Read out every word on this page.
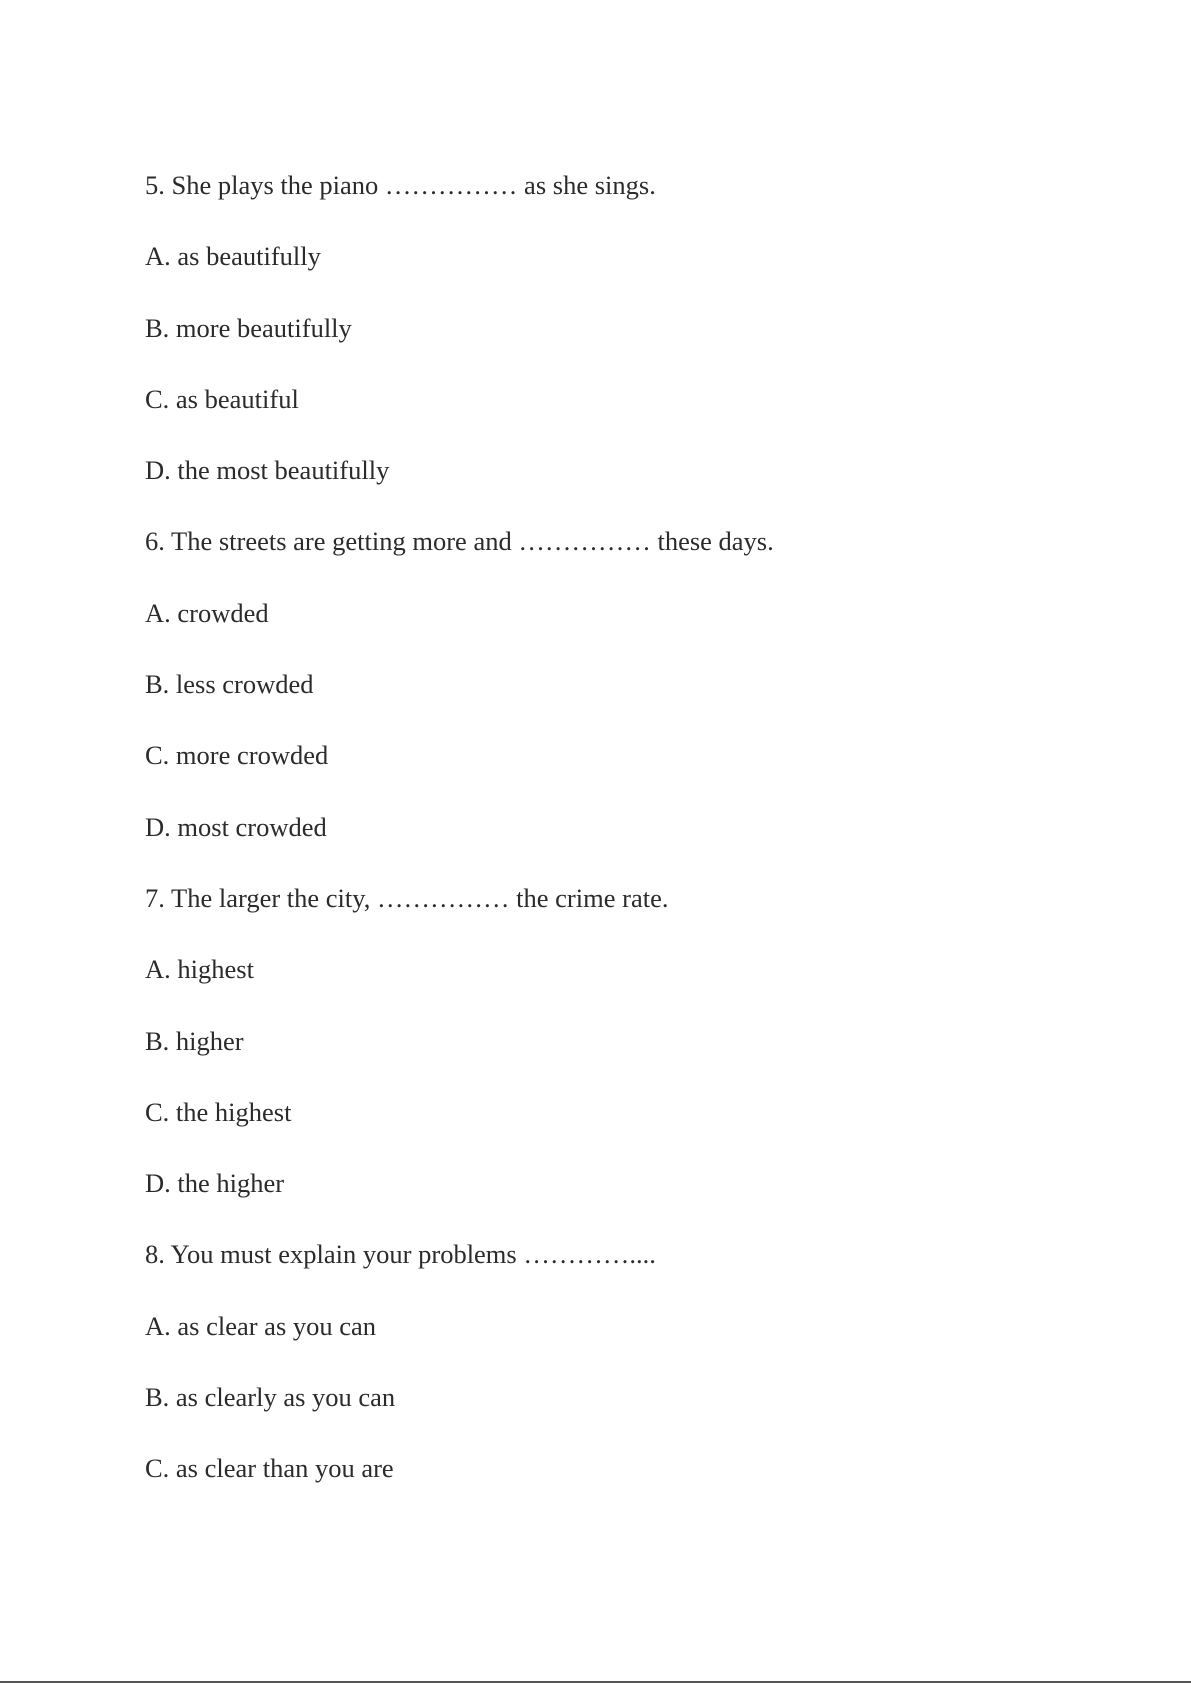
5. She plays the piano …………… as she sings.
A. as beautifully
B. more beautifully
C. as beautiful
D. the most beautifully
6. The streets are getting more and …………… these days.
A. crowded
B. less crowded
C. more crowded
D. most crowded
7. The larger the city, …………… the crime rate.
A. highest
B. higher
C. the highest
D. the higher
8. You must explain your problems …………....
A. as clear as you can
B. as clearly as you can
C. as clear than you are
